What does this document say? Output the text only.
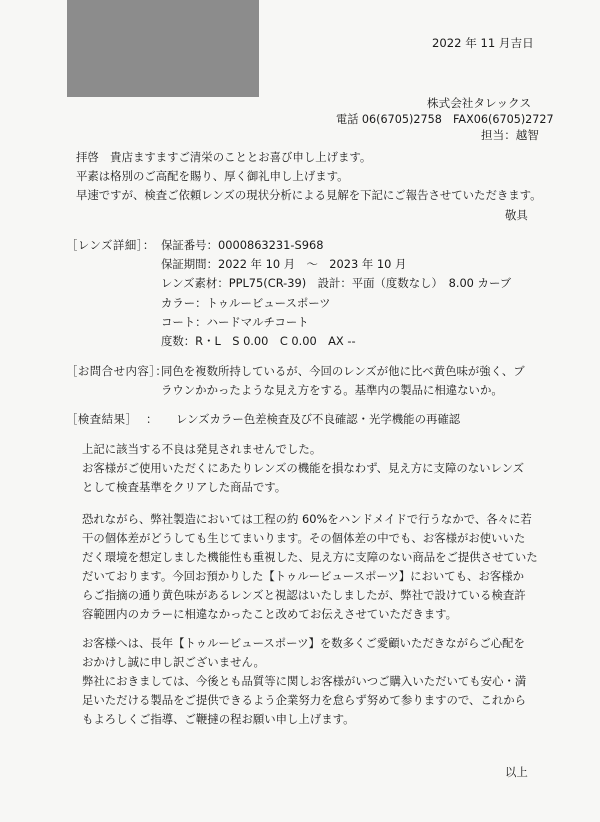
2022 年 11 月吉日
株式会社タレックス
電話 06(6705)2758　FAX06(6705)2727
担当：越智
拝啓　貴店ますますご清栄のこととお喜び申し上げます。
平素は格別のご高配を賜り、厚く御礼申し上げます。
早速ですが、検査ご依頼レンズの現状分析による見解を下記にご報告させていただきます。
敬具
［レンズ詳細］： 保証番号：0000863231-S968
保証期間：2022 年 10 月　～　2023 年 10 月
レンズ素材：PPL75(CR-39)　設計：平面（度数なし）　8.00 カーブ
カラー：トゥルービュースポーツ
コート：ハードマルチコート
度数：R・L　S 0.00　C 0.00　AX --
［お問合せ内容］：
同色を複数所持しているが、今回のレンズが他に比べ黄色味が強く、ブ
ラウンかかったような見え方をする。基準内の製品に相違ないか。
［検査結果］ ： レンズカラー色差検査及び不良確認・光学機能の再確認
上記に該当する不良は発見されませんでした。
お客様がご使用いただくにあたりレンズの機能を損なわず、見え方に支障のないレンズ
として検査基準をクリアした商品です。
恐れながら、弊社製造においては工程の約 60%をハンドメイドで行うなかで、各々に若
干の個体差がどうしても生じてまいります。その個体差の中でも、お客様がお使いいた
だく環境を想定しました機能性も重視した、見え方に支障のない商品をご提供させていた
だいております。今回お預かりした【トゥルービュースポーツ】においても、お客様か
らご指摘の通り黄色味があるレンズと視認はいたしましたが、弊社で設けている検査許
容範囲内のカラーに相違なかったこと改めてお伝えさせていただきます。
お客様へは、長年【トゥルービュースポーツ】を数多くご愛顧いただきながらご心配を
おかけし誠に申し訳ございません。
弊社におきましては、今後とも品質等に関しお客様がいつご購入いただいても安心・満
足いただける製品をご提供できるよう企業努力を怠らず努めて参りますので、これから
もよろしくご指導、ご鞭撻の程お願い申し上げます。
以上
